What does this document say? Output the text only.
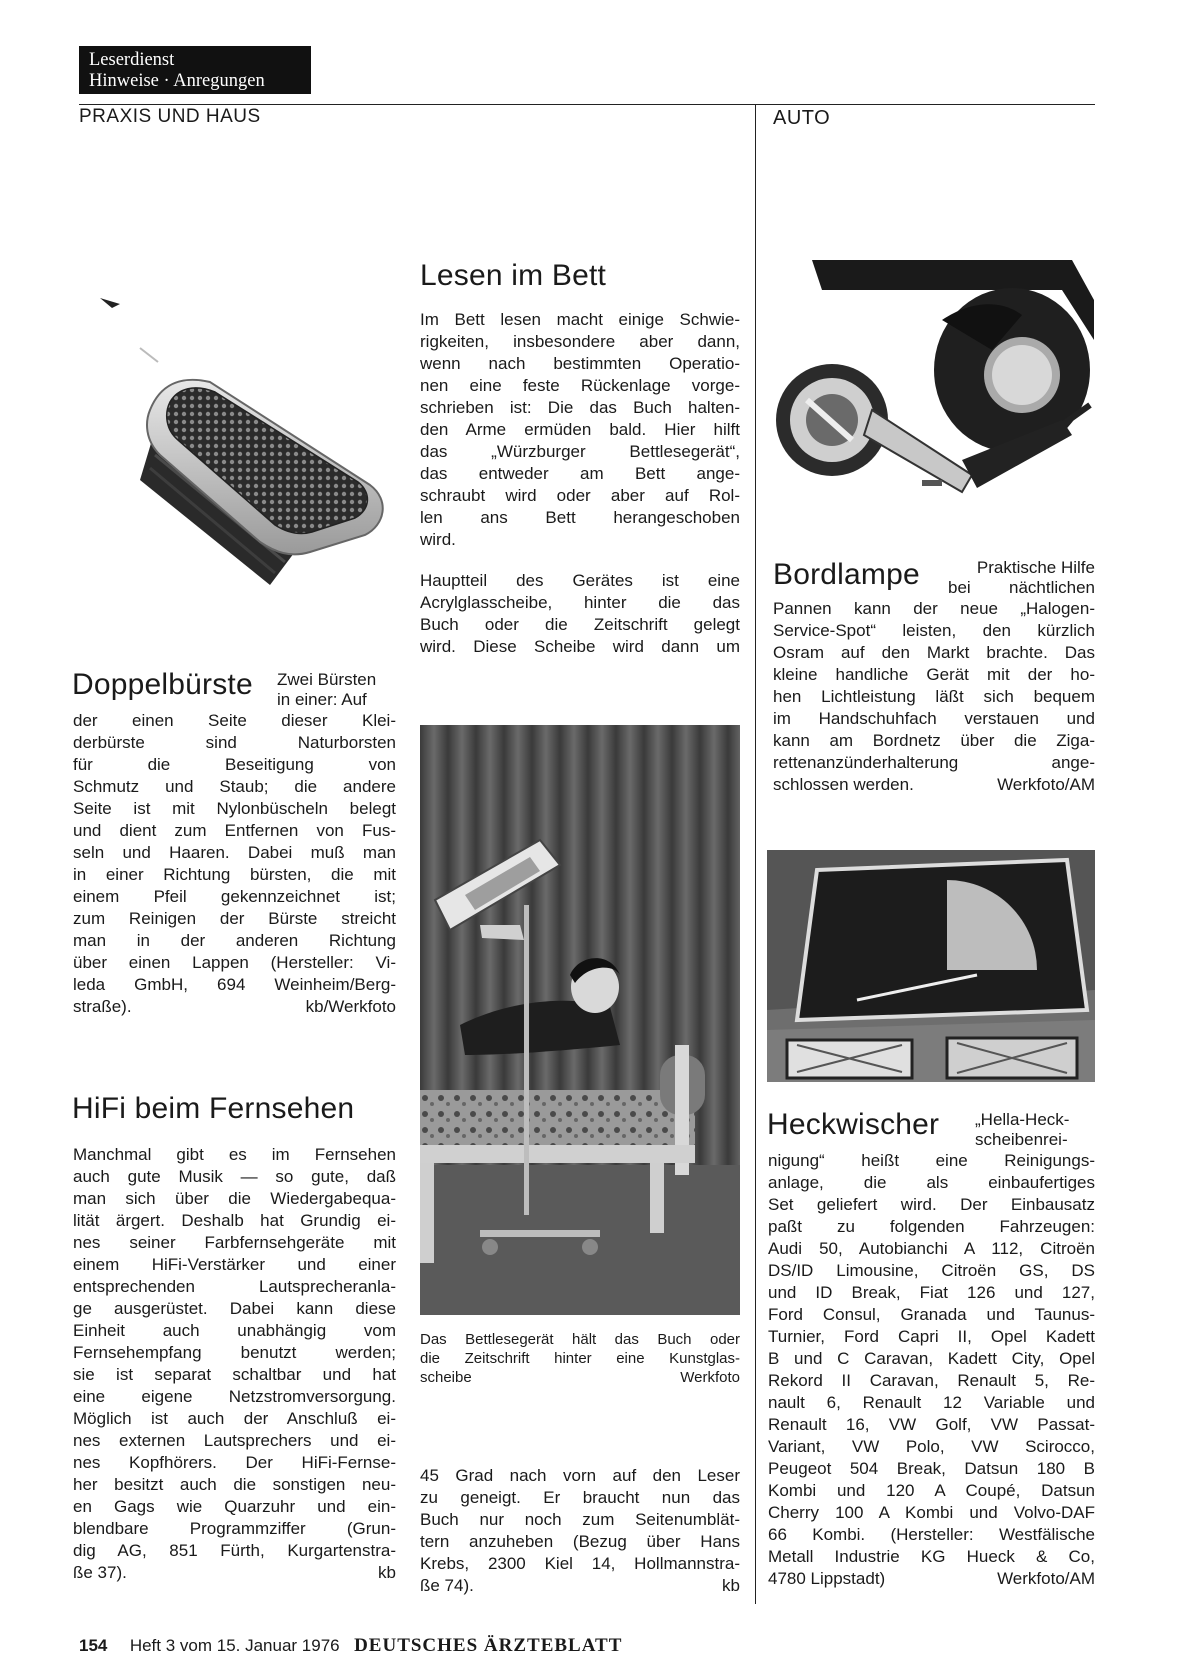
Leserdienst
Hinweise · Anregungen
PRAXIS UND HAUS	AUTO
Doppelbürste Zwei Bürsten
in einer: Auf
der einen Seite dieser Klei-
derbürste sind Naturborsten
für die Beseitigung von
Schmutz und Staub; die andere
Seite ist mit Nylonbüscheln belegt
und dient zum Entfernen von Fus-
seln und Haaren. Dabei muß man
in einer Richtung bürsten, die mit
einem Pfeil gekennzeichnet ist;
zum Reinigen der Bürste streicht
man in der anderen Richtung
über einen Lappen (Hersteller: Vi-
leda GmbH, 694 Weinheim/Berg-
straße).	kb/Werkfoto
HiFi beim Fernsehen
Manchmal gibt es im Fernsehen
auch gute Musik — so gute, daß
man sich über die Wiedergabequa-
lität ärgert. Deshalb hat Grundig ei-
nes seiner Farbfernsehgeräte mit
einem HiFi-Verstärker und einer
entsprechenden Lautsprecheranla-
ge ausgerüstet. Dabei kann diese
Einheit auch unabhängig vom
Fernsehempfang benutzt werden;
sie ist separat schaltbar und hat
eine eigene Netzstromversorgung.
Möglich ist auch der Anschluß ei-
nes externen Lautsprechers und ei-
nes Kopfhörers. Der HiFi-Fernse-
her besitzt auch die sonstigen neu-
en Gags wie Quarzuhr und ein-
blendbare Programmziffer (Grun-
dig AG, 851 Fürth, Kurgartenstra-
ße 37).	kb
Lesen im Bett
Im Bett lesen macht einige Schwie-
rigkeiten, insbesondere aber dann,
wenn nach bestimmten Operatio-
nen eine feste Rückenlage vorge-
schrieben ist: Die das Buch halten-
den Arme ermüden bald. Hier hilft
das „Würzburger Bettlesegerät“,
das entweder am Bett ange-
schraubt wird oder aber auf Rol-
len ans Bett herangeschoben
wird.
Hauptteil des Gerätes ist eine
Acrylglasscheibe, hinter die das
Buch oder die Zeitschrift gelegt
wird. Diese Scheibe wird dann um
Das Bettlesegerät hält das Buch oder
die Zeitschrift hinter eine Kunstglas-
scheibe	Werkfoto
45 Grad nach vorn auf den Leser
zu geneigt. Er braucht nun das
Buch nur noch zum Seitenumblät-
tern anzuheben (Bezug über Hans
Krebs, 2300 Kiel 14, Hollmannstra-
ße 74).	kb
Bordlampe	Praktische Hilfe
bei nächtlichen
Pannen kann der neue „Halogen-
Service-Spot“ leisten, den kürzlich
Osram auf den Markt brachte. Das
kleine handliche Gerät mit der ho-
hen Lichtleistung läßt sich bequem
im Handschuhfach verstauen und
kann am Bordnetz über die Ziga-
rettenanzünderhalterung ange-
schlossen werden.	Werkfoto/AM
Heckwischer „Hella-Heck-
scheibenrei-
nigung“ heißt eine Reinigungs-
anlage, die als einbaufertiges
Set geliefert wird. Der Einbausatz
paßt zu folgenden Fahrzeugen:
Audi 50, Autobianchi A 112, Citroën
DS/ID Limousine, Citroën GS, DS
und ID Break, Fiat 126 und 127,
Ford Consul, Granada und Taunus-
Turnier, Ford Capri II, Opel Kadett
B und C Caravan, Kadett City, Opel
Rekord II Caravan, Renault 5, Re-
nault 6, Renault 12 Variable und
Renault 16, VW Golf, VW Passat-
Variant, VW Polo, VW Scirocco,
Peugeot 504 Break, Datsun 180 B
Kombi und 120 A Coupé, Datsun
Cherry 100 A Kombi und Volvo-DAF
66 Kombi. (Hersteller: Westfälische
Metall Industrie KG Hueck & Co,
4780 Lippstadt)	Werkfoto/AM
154 Heft 3 vom 15. Januar 1976 DEUTSCHES ÄRZTEBLATT
